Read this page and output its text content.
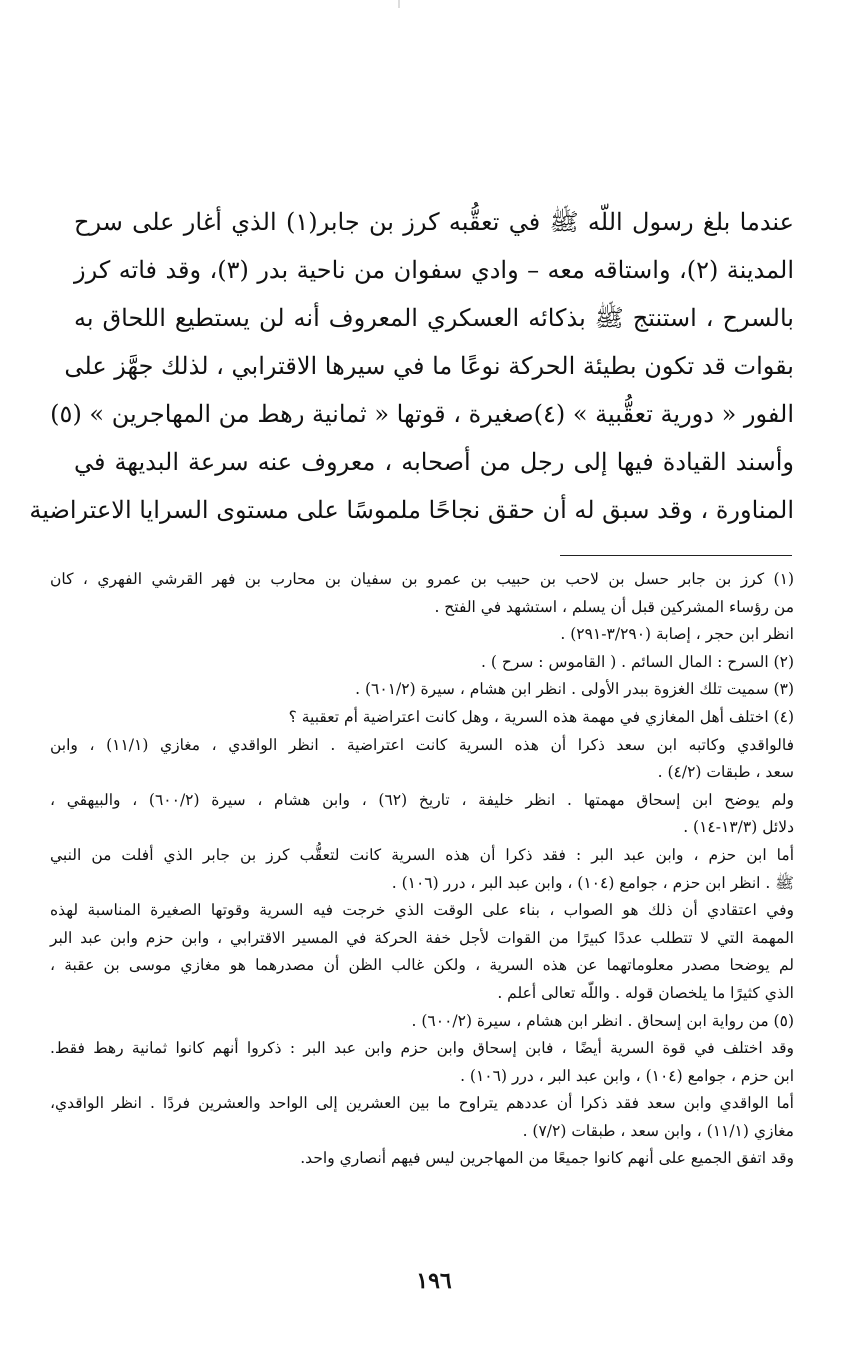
عندما بلغ رسول اللّه ﷺ في تعقُّبه كرز بن جابر(١) الذي أغار على سرح
المدينة (٢)، واستاقه معه – وادي سفوان من ناحية بدر (٣)، وقد فاته كرز
بالسرح ، استنتج ﷺ بذكائه العسكري المعروف أنه لن يستطيع اللحاق به
بقوات قد تكون بطيئة الحركة نوعًا ما في سيرها الاقترابي ، لذلك جهَّز على
الفور « دورية تعقُّبية » (٤)صغيرة ، قوتها « ثمانية رهط من المهاجرين » (٥)
وأسند القيادة فيها إلى رجل من أصحابه ، معروف عنه سرعة البديهة في
المناورة ، وقد سبق له أن حقق نجاحًا ملموسًا على مستوى السرايا الاعتراضية
(١) كرز بن جابر حسل بن لاحب بن حبيب بن عمرو بن سفيان بن محارب بن فهر القرشي الفهري ، كان
من رؤساء المشركين قبل أن يسلم ، استشهد في الفتح .
انظر ابن حجر ، إصابة (٣/٢٩٠-٢٩١) .
(٢) السرح : المال السائم . ( القاموس : سرح ) .
(٣) سميت تلك الغزوة ببدر الأولى . انظر ابن هشام ، سيرة (٦٠١/٢) .
(٤) اختلف أهل المغازي في مهمة هذه السرية ، وهل كانت اعتراضية أم تعقبية ؟
فالواقدي وكاتبه ابن سعد ذكرا أن هذه السرية كانت اعتراضية . انظر الواقدي ، مغازي (١١/١) ، وابن
سعد ، طبقات (٤/٢) .
ولم يوضح ابن إسحاق مهمتها . انظر خليفة ، تاريخ (٦٢) ، وابن هشام ، سيرة (٦٠٠/٢) ، والبيهقي ،
دلائل (١٣/٣-١٤) .
أما ابن حزم ، وابن عبد البر : فقد ذكرا أن هذه السرية كانت لتعقُّب كرز بن جابر الذي أفلت من النبي
ﷺ . انظر ابن حزم ، جوامع (١٠٤) ، وابن عبد البر ، درر (١٠٦) .
وفي اعتقادي أن ذلك هو الصواب ، بناء على الوقت الذي خرجت فيه السرية وقوتها الصغيرة المناسبة لهذه
المهمة التي لا تتطلب عددًا كبيرًا من القوات لأجل خفة الحركة في المسير الاقترابي ، وابن حزم وابن عبد البر
لم يوضحا مصدر معلوماتهما عن هذه السرية ، ولكن غالب الظن أن مصدرهما هو مغازي موسى بن عقبة ،
الذي كثيرًا ما يلخصان قوله . واللّه تعالى أعلم .
(٥) من رواية ابن إسحاق . انظر ابن هشام ، سيرة (٦٠٠/٢) .
وقد اختلف في قوة السرية أيضًا ، فابن إسحاق وابن حزم وابن عبد البر : ذكروا أنهم كانوا ثمانية رهط فقط.
ابن حزم ، جوامع (١٠٤) ، وابن عبد البر ، درر (١٠٦) .
أما الواقدي وابن سعد فقد ذكرا أن عددهم يتراوح ما بين العشرين إلى الواحد والعشرين فردًا . انظر الواقدي،
مغازي (١١/١) ، وابن سعد ، طبقات (٧/٢) .
وقد اتفق الجميع على أنهم كانوا جميعًا من المهاجرين ليس فيهم أنصاري واحد.
١٩٦
